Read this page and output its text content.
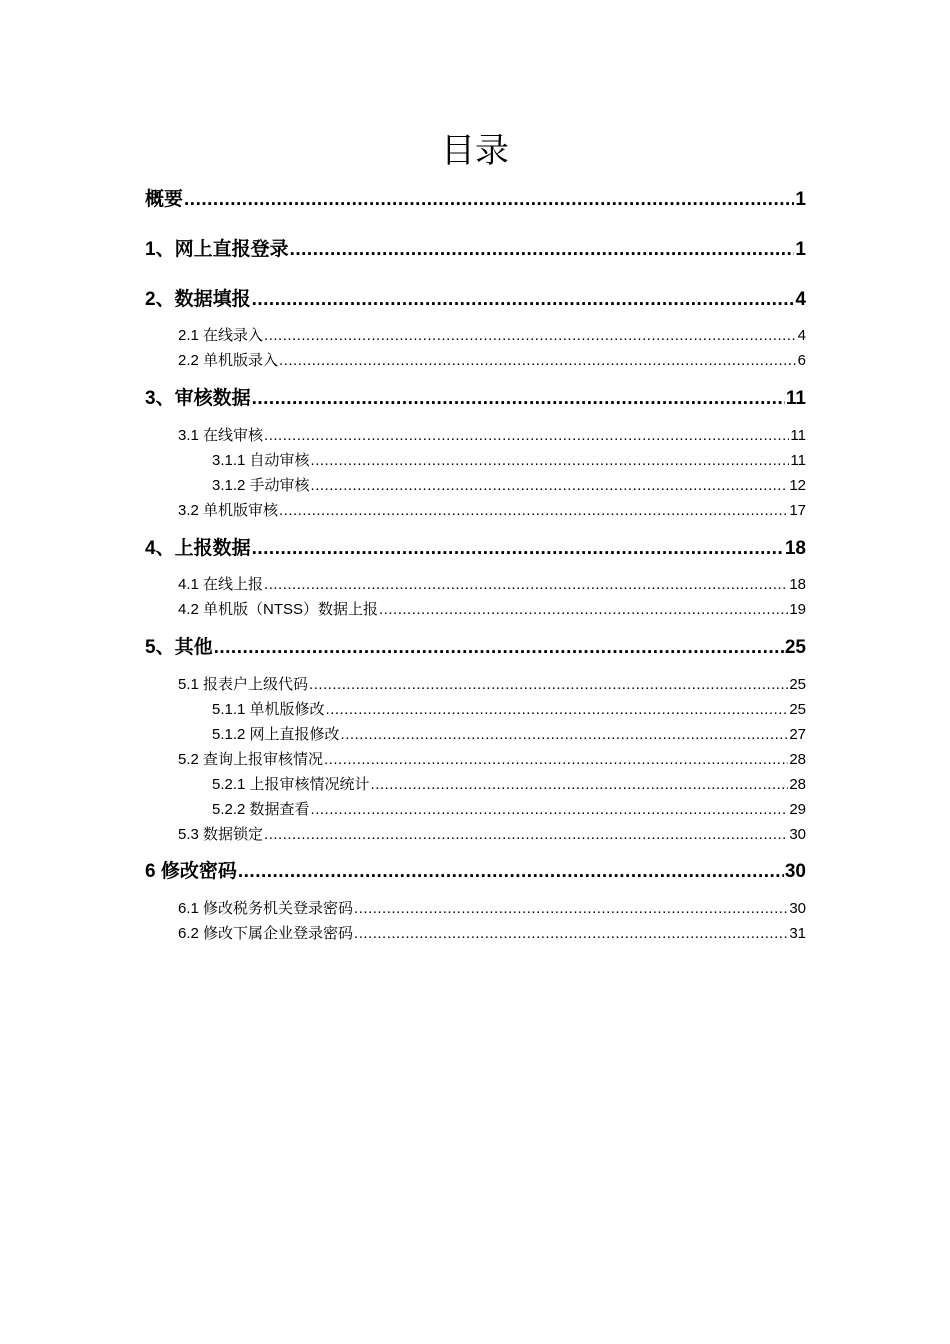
目录
概要 .....	1
1、网上直报登录 .....	1
2、数据填报 .....	4
2.1 在线录入 .....	4
2.2 单机版录入 .....	6
3、审核数据 .....	11
3.1 在线审核 .....	11
3.1.1 自动审核 .....	11
3.1.2 手动审核 .....	12
3.2 单机版审核 .....	17
4、上报数据 .....	18
4.1 在线上报 .....	18
4.2 单机版（NTSS）数据上报 .....	19
5、其他 .....	25
5.1 报表户上级代码 .....	25
5.1.1 单机版修改 .....	25
5.1.2 网上直报修改 .....	27
5.2 查询上报审核情况 .....	28
5.2.1 上报审核情况统计 .....	28
5.2.2 数据查看 .....	29
5.3 数据锁定 .....	30
6 修改密码 .....	30
6.1 修改税务机关登录密码 .....	30
6.2 修改下属企业登录密码 .....	31
